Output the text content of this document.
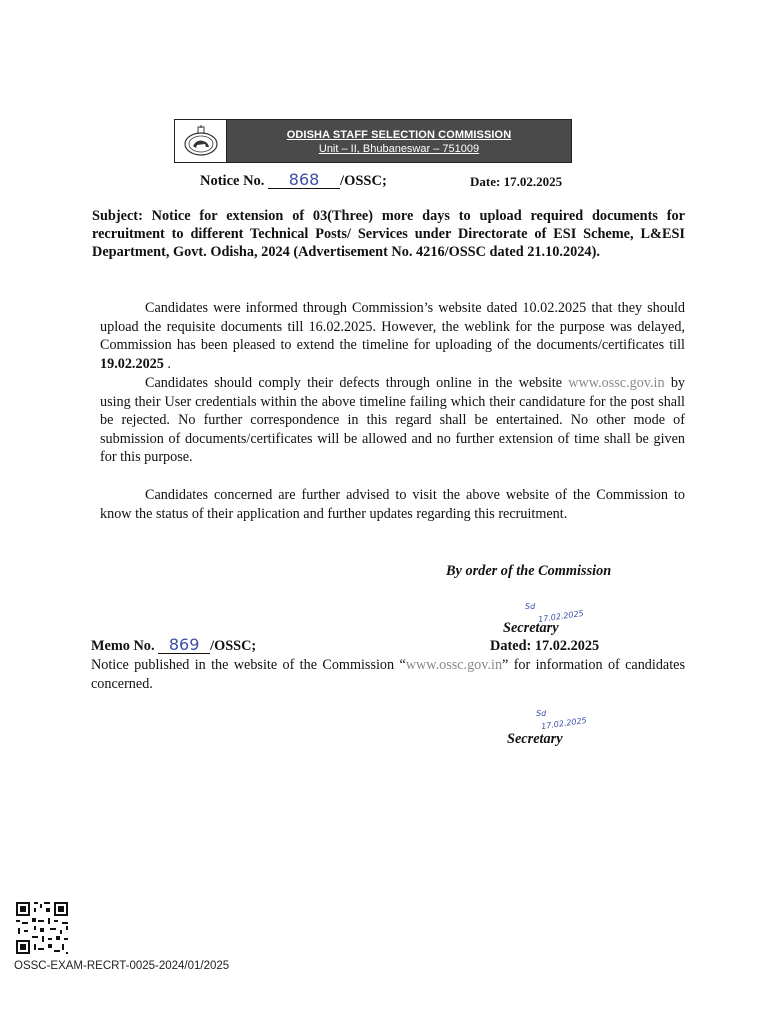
ODISHA STAFF SELECTION COMMISSION
Unit – II, Bhubaneswar – 751009
Notice No. 868 /OSSC;	Date: 17.02.2025
Subject: Notice for extension of 03(Three) more days to upload required documents for recruitment to different Technical Posts/ Services under Directorate of ESI Scheme, L&ESI Department, Govt. Odisha, 2024 (Advertisement No. 4216/OSSC dated 21.10.2024).
Candidates were informed through Commission’s website dated 10.02.2025 that they should upload the requisite documents till 16.02.2025. However, the weblink for the purpose was delayed, Commission has been pleased to extend the timeline for uploading of the documents/certificates till 19.02.2025 .
Candidates should comply their defects through online in the website www.ossc.gov.in by using their User credentials within the above timeline failing which their candidature for the post shall be rejected. No further correspondence in this regard shall be entertained. No other mode of submission of documents/certificates will be allowed and no further extension of time shall be given for this purpose.
Candidates concerned are further advised to visit the above website of the Commission to know the status of their application and further updates regarding this recruitment.
By order of the Commission
Sd
17.02.2025
Secretary
Memo No. 869 /OSSC;	Dated: 17.02.2025
Notice published in the website of the Commission “www.ossc.gov.in” for information of candidates concerned.
Sd
17.02.2025
Secretary
OSSC-EXAM-RECRT-0025-2024/01/2025
